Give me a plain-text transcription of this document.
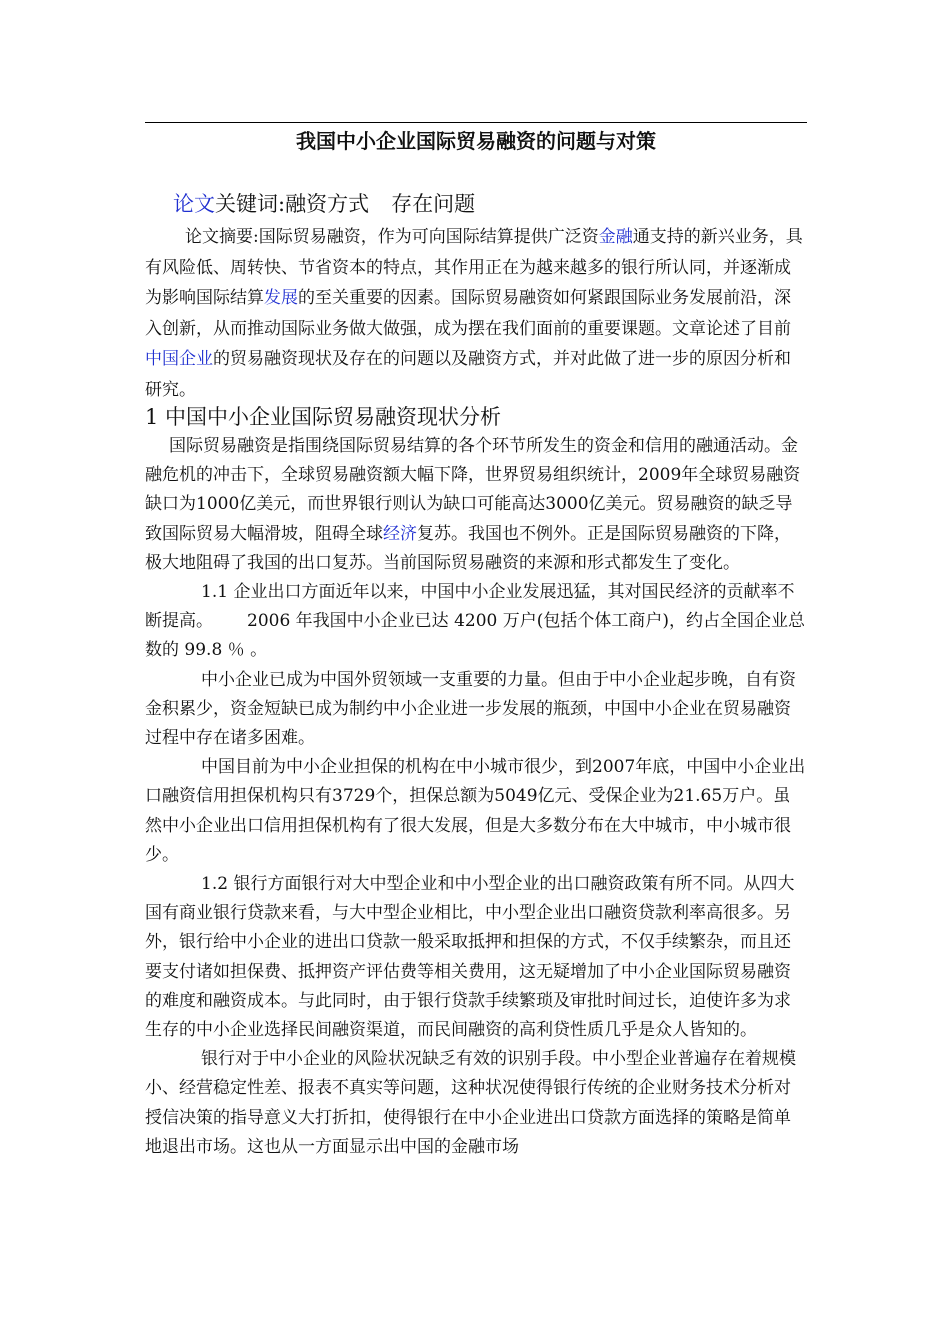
我国中小企业国际贸易融资的问题与对策
论文关键词:融资方式 存在问题

论文摘要:国际贸易融资，作为可向国际结算提供广泛资金融通支持的新兴业务，具有风险低、周转快、节省资本的特点，其作用正在为越来越多的银行所认同，并逐渐成为影响国际结算发展的至关重要的因素。国际贸易融资如何紧跟国际业务发展前沿，深入创新，从而推动国际业务做大做强，成为摆在我们面前的重要课题。文章论述了目前中国企业的贸易融资现状及存在的问题以及融资方式，并对此做了进一步的原因分析和研究。

1 中国中小企业国际贸易融资现状分析

国际贸易融资是指围绕国际贸易结算的各个环节所发生的资金和信用的融通活动。金融危机的冲击下，全球贸易融资额大幅下降，世界贸易组织统计，2009年全球贸易融资缺口为1000亿美元，而世界银行则认为缺口可能高达3000亿美元。贸易融资的缺乏导致国际贸易大幅滑坡，阻碍全球经济复苏。我国也不例外。正是国际贸易融资的下降，极大地阻碍了我国的出口复苏。当前国际贸易融资的来源和形式都发生了变化。

1.1 企业出口方面近年以来，中国中小企业发展迅猛，其对国民经济的贡献率不断提高。 2006 年我国中小企业已达 4200 万户(包括个体工商户)，约占全国企业总数的 99.8 ％ 。

中小企业已成为中国外贸领域一支重要的力量。但由于中小企业起步晚，自有资金积累少，资金短缺已成为制约中小企业进一步发展的瓶颈，中国中小企业在贸易融资过程中存在诸多困难。

中国目前为中小企业担保的机构在中小城市很少，到2007年底，中国中小企业出口融资信用担保机构只有3729个，担保总额为5049亿元、受保企业为21.65万户。虽然中小企业出口信用担保机构有了很大发展，但是大多数分布在大中城市，中小城市很少。

1.2 银行方面银行对大中型企业和中小型企业的出口融资政策有所不同。从四大国有商业银行贷款来看，与大中型企业相比，中小型企业出口融资贷款利率高很多。另外，银行给中小企业的进出口贷款一般采取抵押和担保的方式，不仅手续繁杂，而且还要支付诸如担保费、抵押资产评估费等相关费用，这无疑增加了中小企业国际贸易融资的难度和融资成本。与此同时，由于银行贷款手续繁琐及审批时间过长，迫使许多为求生存的中小企业选择民间融资渠道，而民间融资的高利贷性质几乎是众人皆知的。

银行对于中小企业的风险状况缺乏有效的识别手段。中小型企业普遍存在着规模小、经营稳定性差、报表不真实等问题，这种状况使得银行传统的企业财务技术分析对授信决策的指导意义大打折扣，使得银行在中小企业进出口贷款方面选择的策略是简单地退出市场。这也从一方面显示出中国的金融市场
